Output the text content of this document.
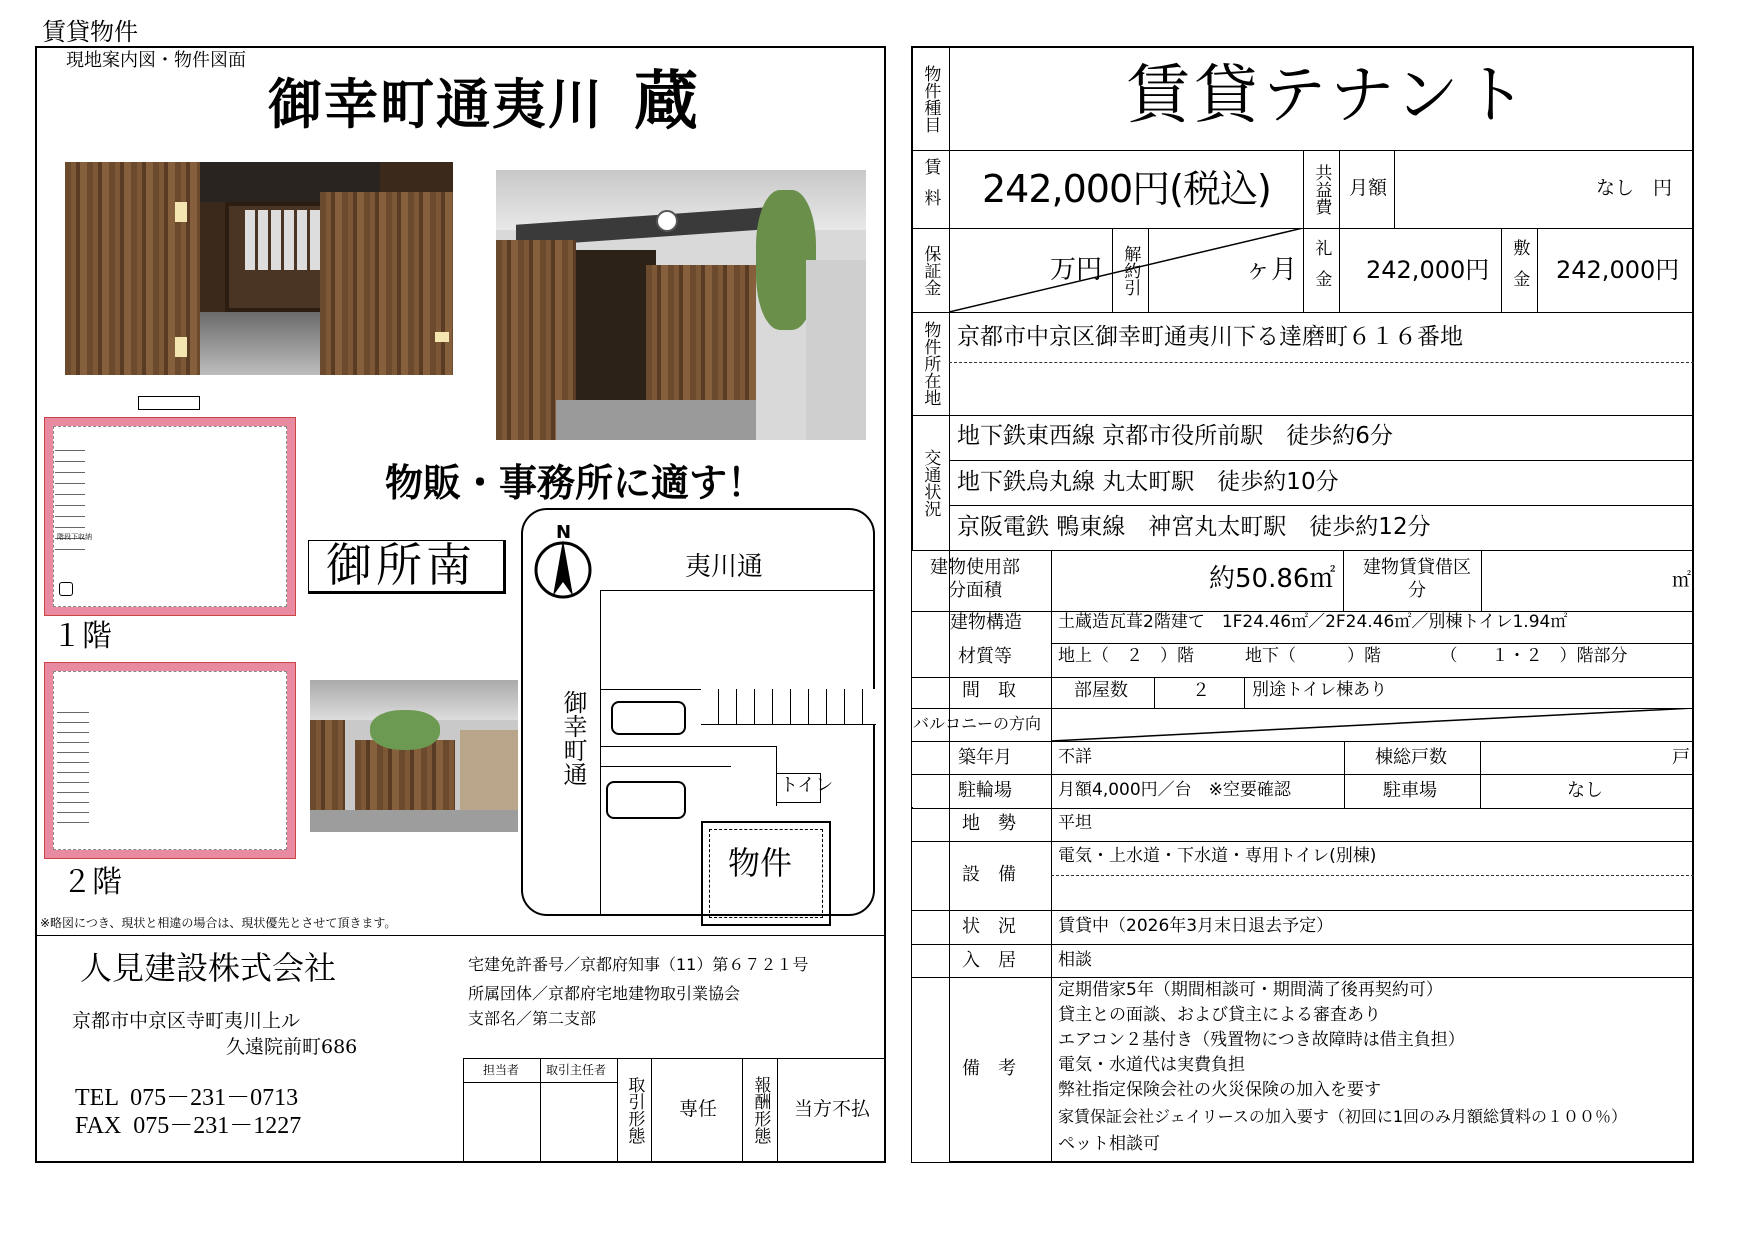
賃貸物件
現地案内図・物件図面
御幸町通夷川 蔵
階段下収納
１階
２階
物販・事務所に適す！
御所南
N
夷川通
御幸町通	トイレ
物件
※略図につき、現状と相違の場合は、現状優先とさせて頂きます。
人見建設株式会社
京都市中京区寺町夷川上ル
久遠院前町686
TEL  075－231－0713
FAX  075－231－1227
宅建免許番号／京都府知事（11）第６７２１号
所属団体／京都府宅地建物取引業協会
支部名／第二支部
担当者 取引主任者
取引形態 専任	報酬形態 当方不払
物件種目	賃貸テナント
賃料 242,000円(税込)	共益費 月額	なし　円
保証金	万円	解約引	ヶ月 礼金	242,000円	敷金	242,000円
物件所在地 京都市中京区御幸町通夷川下る達磨町６１６番地
交通状況
地下鉄東西線 京都市役所前駅　徒歩約6分
地下鉄烏丸線 丸太町駅　徒歩約10分
京阪電鉄 鴨東線　神宮丸太町駅　徒歩約12分
建物使用部分面積	約50.86㎡ 建物賃貸借区分	㎡
建物構造 土蔵造瓦葺2階建て　1F24.46㎡／2F24.46㎡／別棟トイレ1.94㎡
材質等	地上（　２　）階　　　地下（　　　）階　　　　（　　１・２　）階部分
間　取	部屋数	２ 別途トイレ棟あり
バルコニーの方向
築年月	不詳	棟総戸数	戸
駐輪場	月額4,000円／台　※空要確認	駐車場	なし
地　勢 平坦
設　備
電気・上水道・下水道・専用トイレ(別棟)
状　況 賃貸中（2026年3月末日退去予定）
入　居 相談
備　考
定期借家5年（期間相談可・期間満了後再契約可）
貸主との面談、および貸主による審査あり
エアコン２基付き（残置物につき故障時は借主負担）
電気・水道代は実費負担
弊社指定保険会社の火災保険の加入を要す
家賃保証会社ジェイリースの加入要す（初回に1回のみ月額総賃料の１００％）
ペット相談可
